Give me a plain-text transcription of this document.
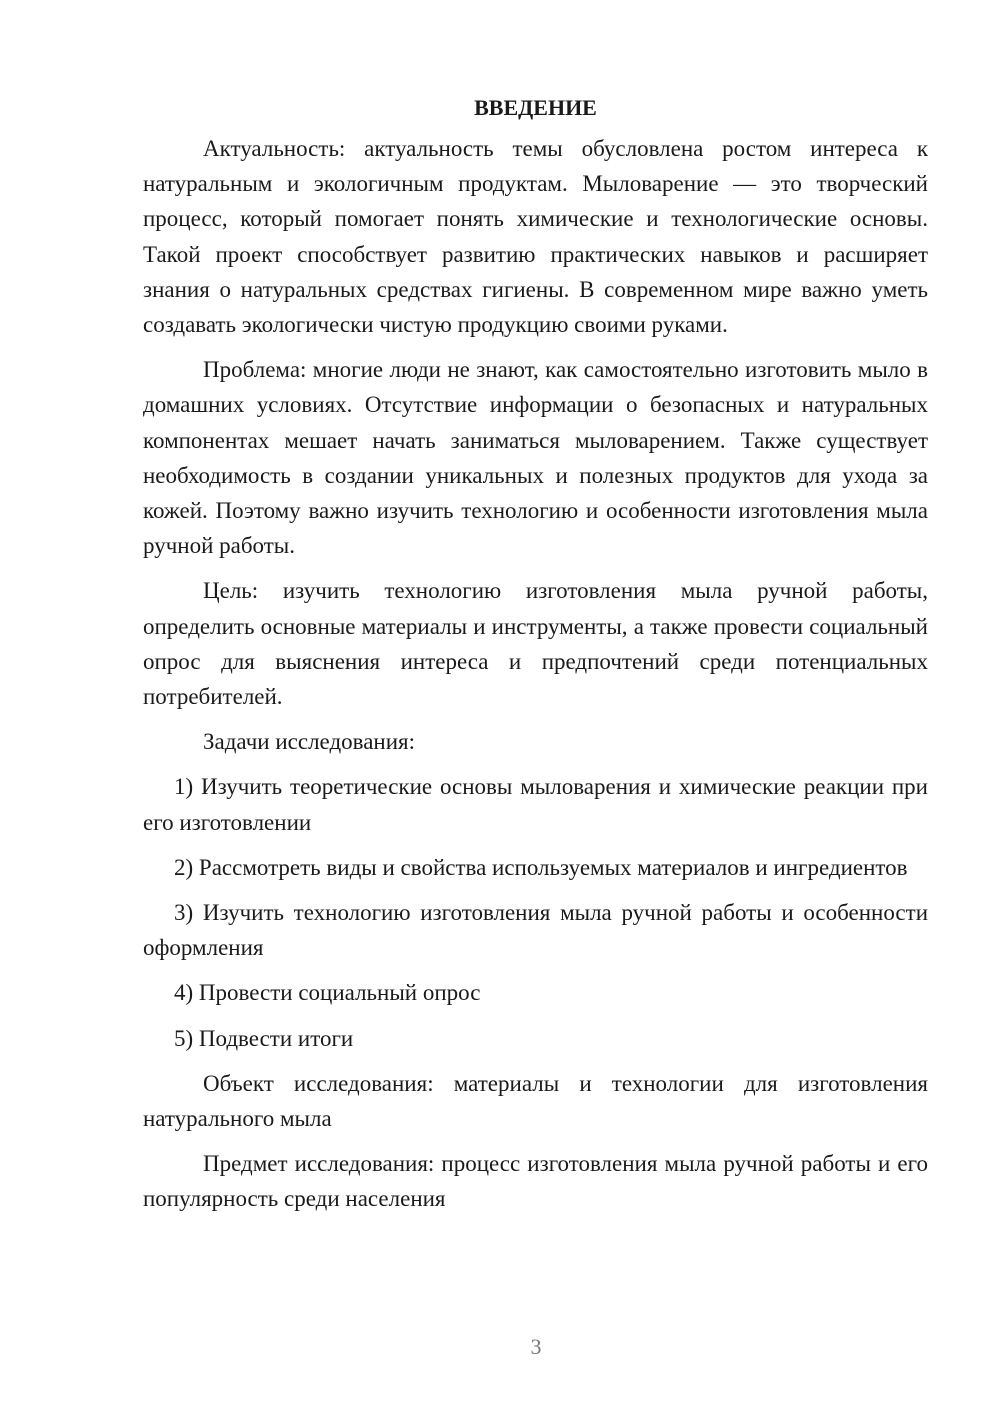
ВВЕДЕНИЕ
Актуальность: актуальность темы обусловлена ростом интереса к натуральным и экологичным продуктам. Мыловарение — это творческий процесс, который помогает понять химические и технологические основы. Такой проект способствует развитию практических навыков и расширяет знания о натуральных средствах гигиены. В современном мире важно уметь создавать экологически чистую продукцию своими руками.
Проблема: многие люди не знают, как самостоятельно изготовить мыло в домашних условиях. Отсутствие информации о безопасных и натуральных компонентах мешает начать заниматься мыловарением. Также существует необходимость в создании уникальных и полезных продуктов для ухода за кожей. Поэтому важно изучить технологию и особенности изготовления мыла ручной работы.
Цель: изучить технологию изготовления мыла ручной работы, определить основные материалы и инструменты, а также провести социальный опрос для выяснения интереса и предпочтений среди потенциальных потребителей.
Задачи исследования:
1) Изучить теоретические основы мыловарения и химические реакции при его изготовлении
2) Рассмотреть виды и свойства используемых материалов и ингредиентов
3) Изучить технологию изготовления мыла ручной работы и особенности оформления
4) Провести социальный опрос
5) Подвести итоги
Объект исследования: материалы и технологии для изготовления натурального мыла
Предмет исследования: процесс изготовления мыла ручной работы и его популярность среди населения
3
